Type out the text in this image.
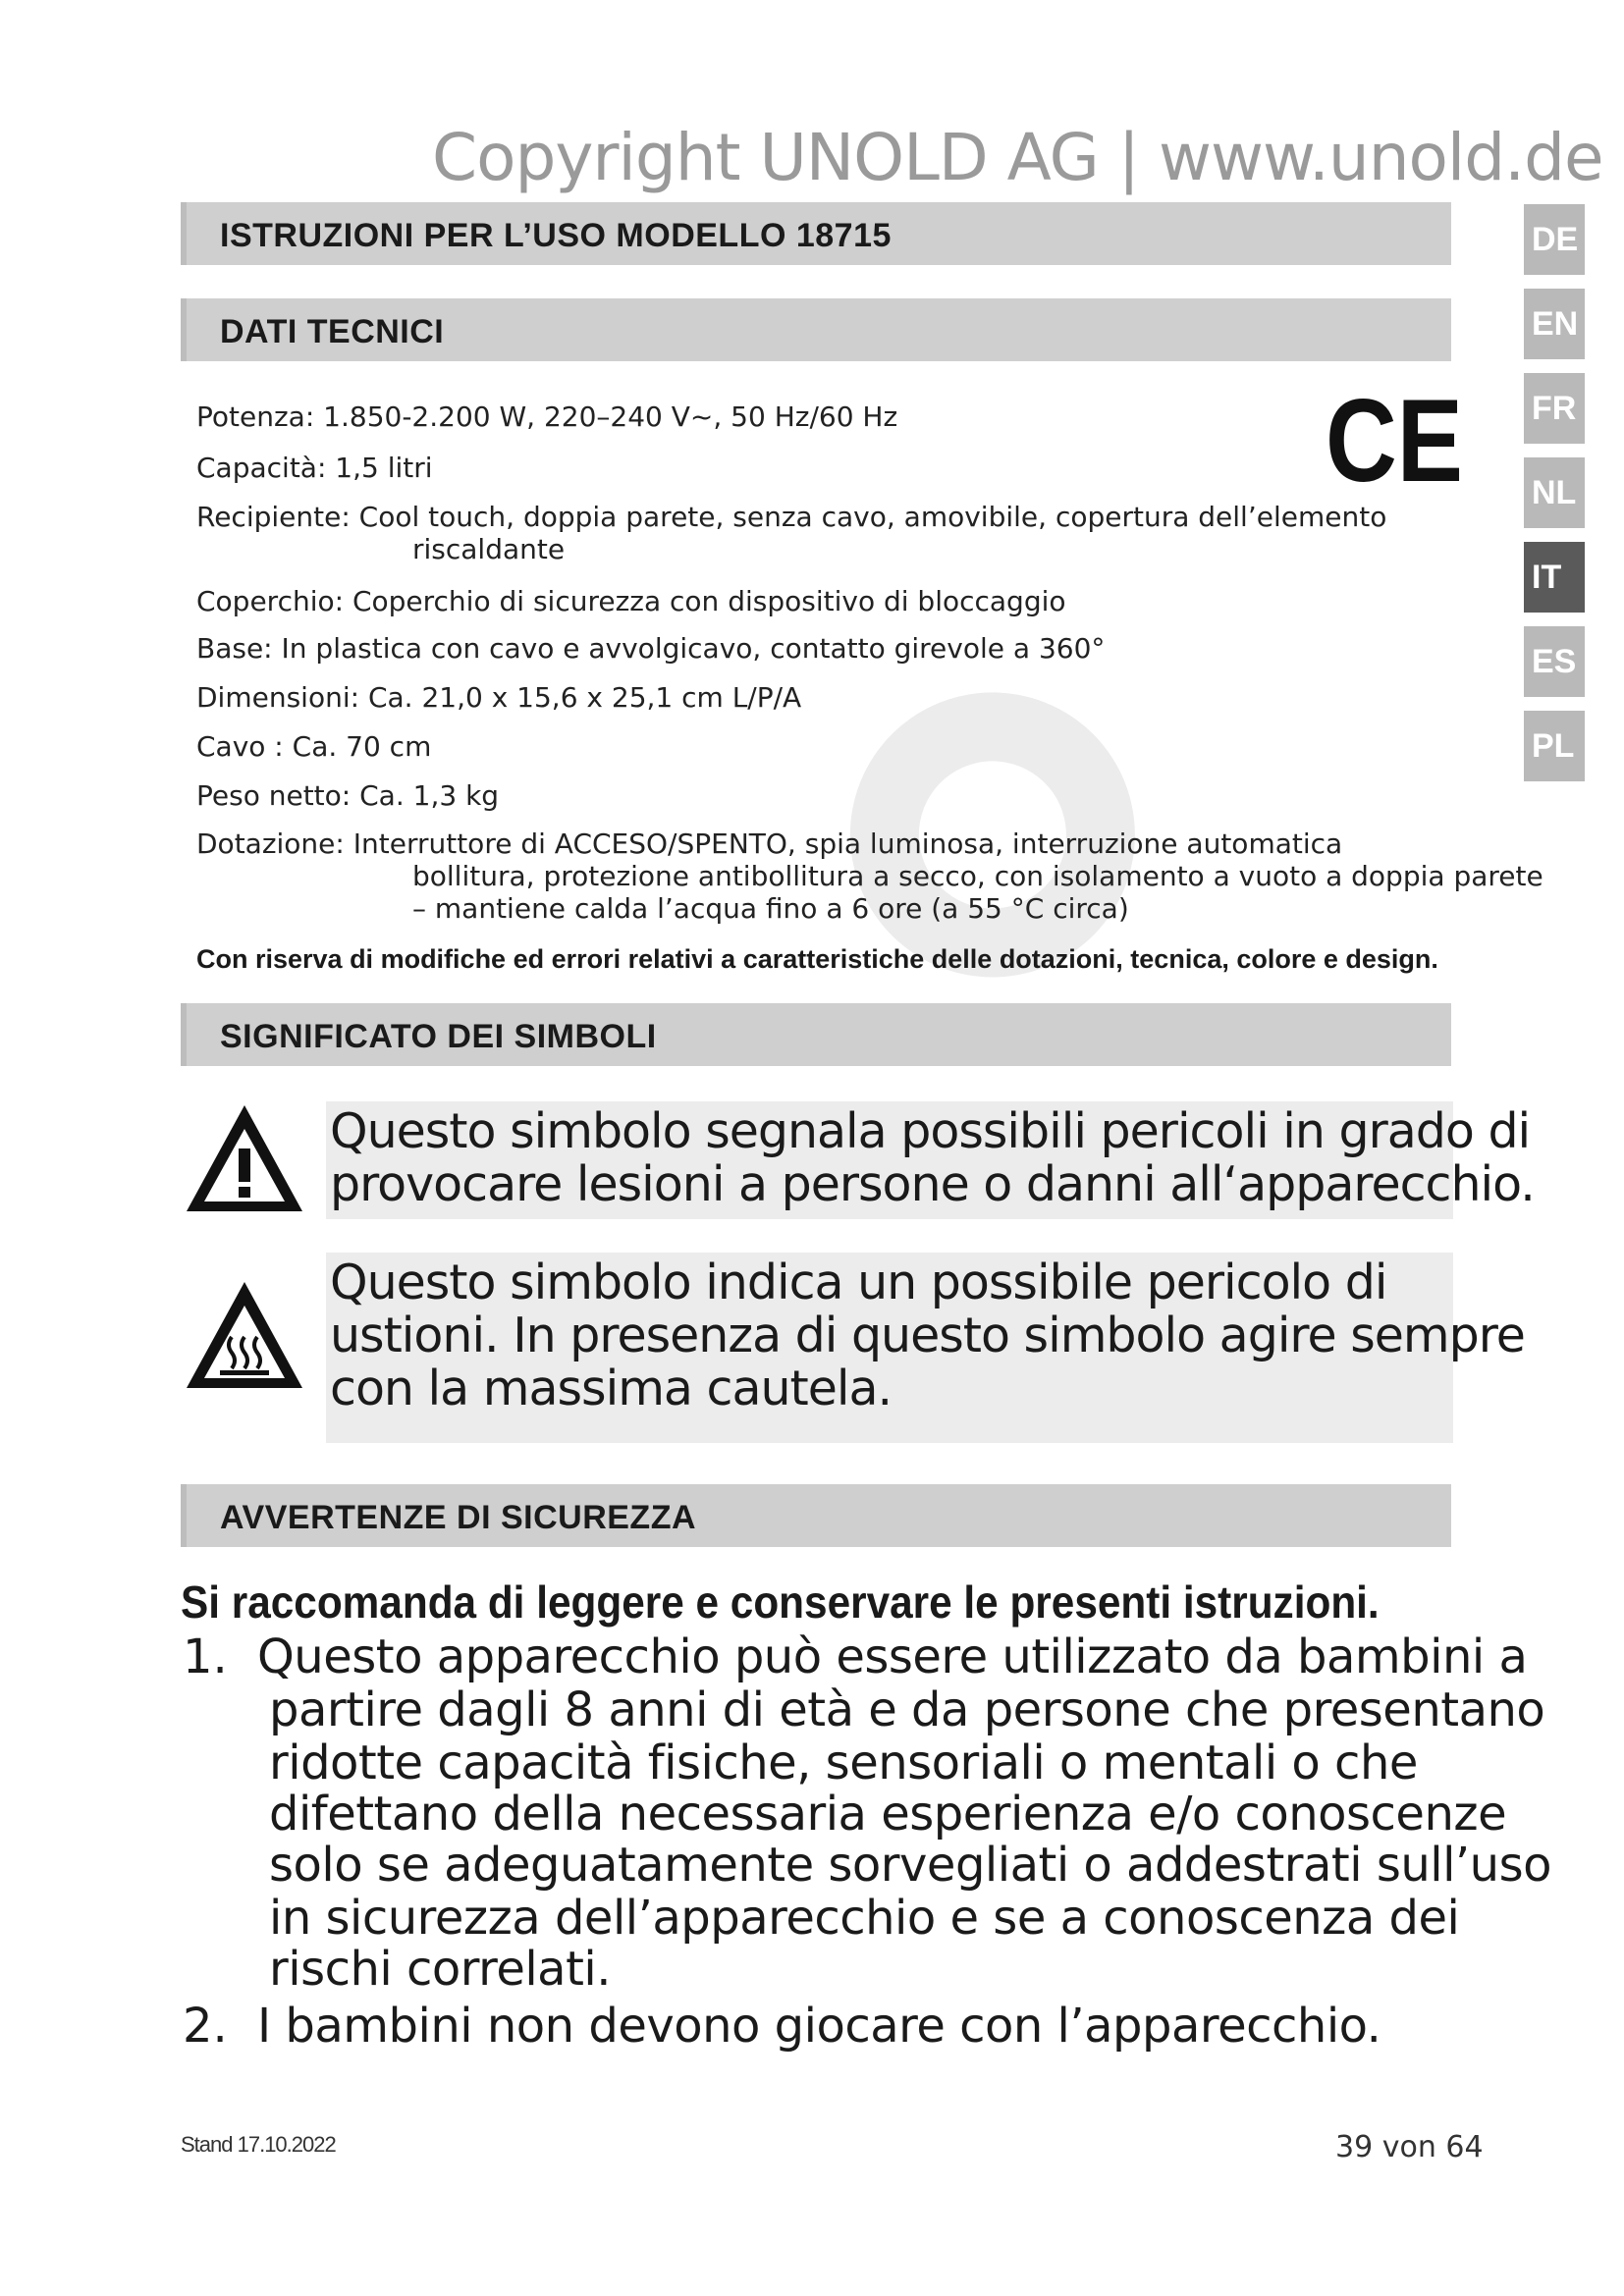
Copyright UNOLD AG | www.unold.de
DE
EN
FR
NL
IT
ES
PL
ISTRUZIONI PER L’USO MODELLO 18715
DATI TECNICI
CE
Potenza: 1.850-2.200 W, 220–240 V~, 50 Hz/60 Hz
Capacità: 1,5 litri
Recipiente: Cool touch, doppia parete, senza cavo, amovibile, copertura dell’elemento
riscaldante
Coperchio: Coperchio di sicurezza con dispositivo di bloccaggio
Base: In plastica con cavo e avvolgicavo, contatto girevole a 360°
Dimensioni: Ca. 21,0 x 15,6 x 25,1 cm L/P/A
Cavo : Ca. 70 cm
Peso netto: Ca. 1,3 kg
Dotazione: Interruttore di ACCESO/SPENTO, spia luminosa, interruzione automatica
bollitura, protezione antibollitura a secco, con isolamento a vuoto a doppia parete
– mantiene calda l’acqua fino a 6 ore (a 55 °C circa)
Con riserva di modifiche ed errori relativi a caratteristiche delle dotazioni, tecnica, colore e design.
SIGNIFICATO DEI SIMBOLI
Questo simbolo segnala possibili pericoli in grado di
provocare lesioni a persone o danni all‘apparecchio.
Questo simbolo indica un possibile pericolo di
ustioni. In presenza di questo simbolo agire sempre
con la massima cautela.
AVVERTENZE DI SICUREZZA
Si raccomanda di leggere e conservare le presenti istruzioni.
1. Questo apparecchio può essere utilizzato da bambini a
partire dagli 8 anni di età e da persone che presentano
ridotte capacità fisiche, sensoriali o mentali o che
difettano della necessaria esperienza e/o conoscenze
solo se adeguatamente sorvegliati o addestrati sull’uso
in sicurezza dell’apparecchio e se a conoscenza dei
rischi correlati.
2. I bambini non devono giocare con l’apparecchio.
Stand 17.10.2022	39 von 64
